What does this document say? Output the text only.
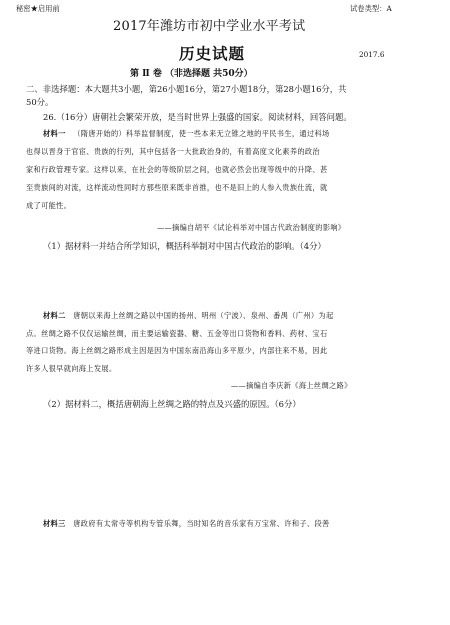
秘密★启用前	试卷类型：A
2017年潍坊市初中学业水平考试
历史试题	2017.6
第 Ⅱ 卷 （非选择题 共50分）
二、非选择题：本大题共3小题，第26小题16分，第27小题18分，第28小题16分，共
50分。
26.（16分）唐朝社会繁荣开放，是当时世界上强盛的国家。阅读材料，回答问题。
材料一 （隋唐开始的）科举监督制度，使一些本来无立锥之地的平民书生，通过科场
也得以晋身于官宦、贵族的行列，其中包括各一大批政治身的，有着高度文化素养的政治
家和行政管理专家。这样以来，在社会的等级阶层之间，也就必然会出现等级中的升降、甚
至贵族间的对流，这样流动性同时方那些原来既非首推，也不是旧上的人参入贵族仕流，就
成了可能性。
——摘编自胡平《试论科举对中国古代政治制度的影响》
（1）据材料一并结合所学知识，概括科举制对中国古代政治的影响。（4分）
材料二 唐朝以来海上丝绸之路以中国的扬州、明州（宁波）、泉州、番禺（广州）为起
点。丝绸之路不仅仅运输丝绸，而主要运输瓷器、糖、五金等出口货物和香料、药材、宝石
等进口货物。海上丝绸之路形成主因是因为中国东南沿海山多平原少，内部往来不易，因此
许多人很早就向海上发展。
——摘编自李庆新《海上丝绸之路》
（2）据材料二，概括唐朝海上丝绸之路的特点及兴盛的原因。（6分）
材料三 唐政府有太常寺等机构专管乐舞，当时知名的音乐家有万宝常、许和子、段善
